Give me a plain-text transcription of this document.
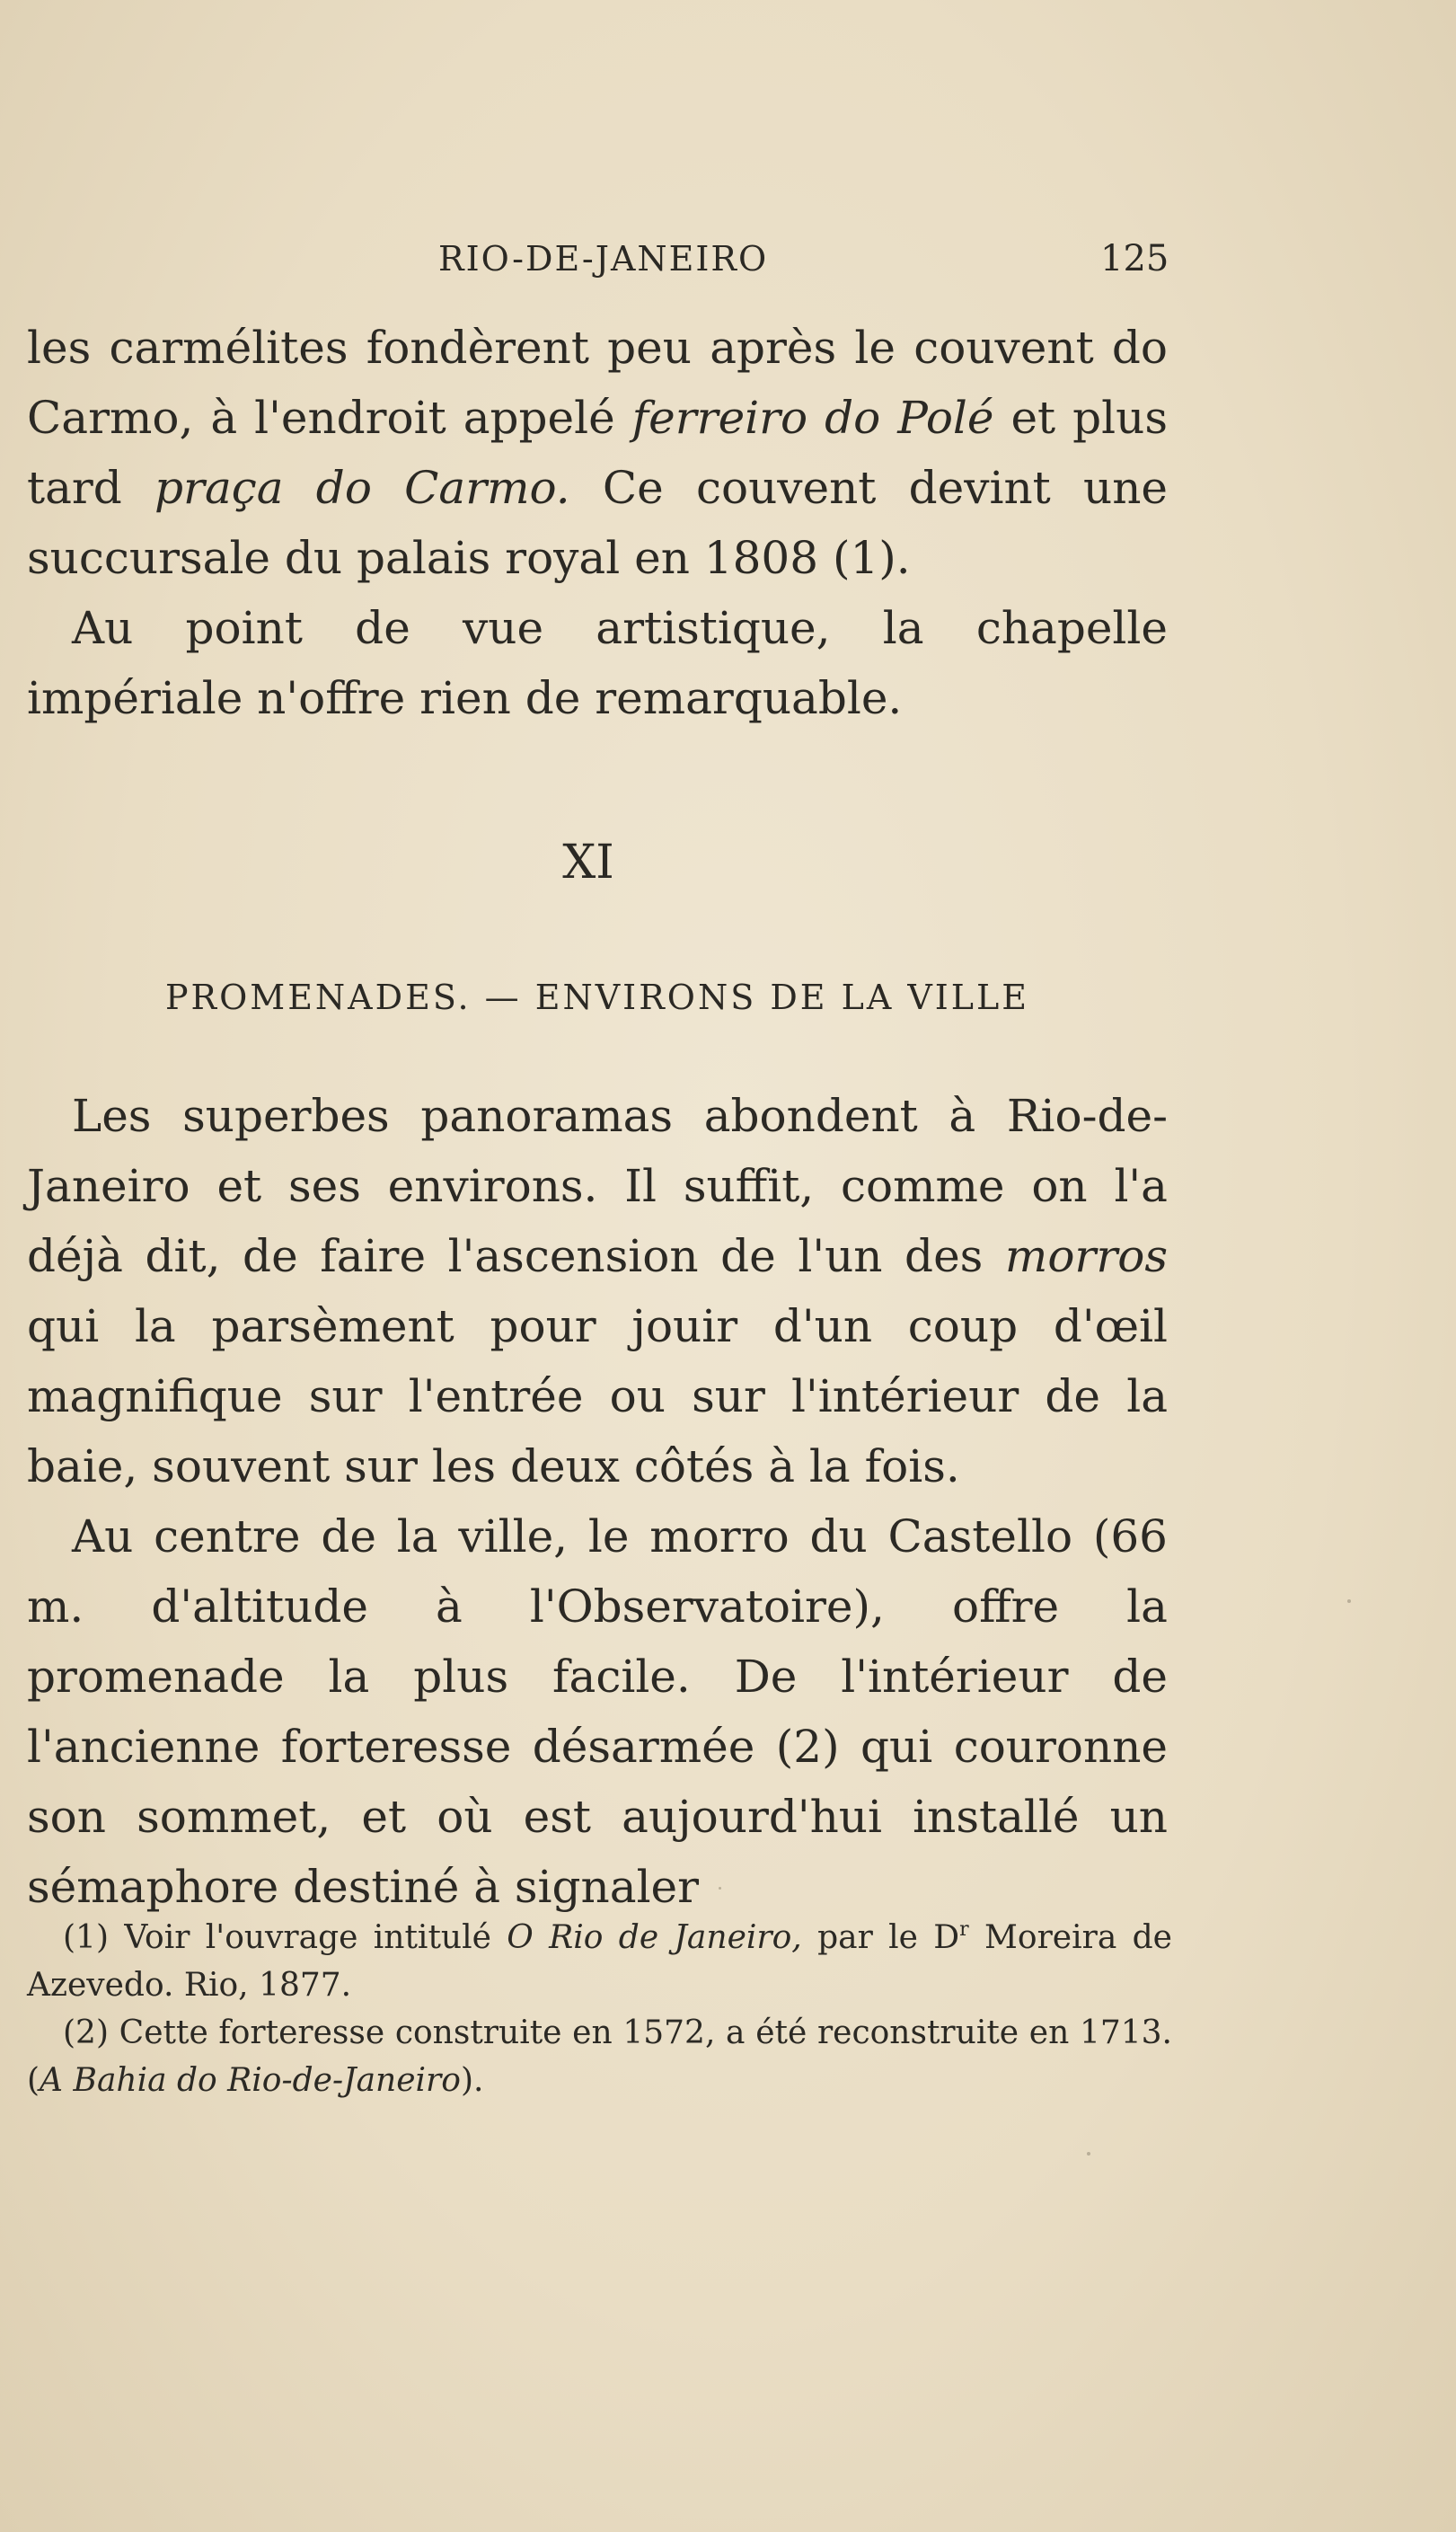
RIO-DE-JANEIRO	125

les carmélites fondèrent peu après le couvent do Carmo, à l'endroit appelé ferreiro do Polé et plus tard praça do Carmo. Ce couvent devint une succursale du palais royal en 1808 (1).

Au point de vue artistique, la chapelle impériale n'offre rien de remarquable.

XI
PROMENADES. — ENVIRONS DE LA VILLE

Les superbes panoramas abondent à Rio-de-Janeiro et ses environs. Il suffit, comme on l'a déjà dit, de faire l'ascension de l'un des morros qui la parsèment pour jouir d'un coup d'œil magnifique sur l'entrée ou sur l'intérieur de la baie, souvent sur les deux côtés à la fois.

Au centre de la ville, le morro du Castello (66 m. d'altitude à l'Observatoire), offre la promenade la plus facile. De l'intérieur de l'ancienne forteresse désarmée (2) qui couronne son sommet, et où est aujourd'hui installé un sémaphore destiné à signaler

(1) Voir l'ouvrage intitulé O Rio de Janeiro, par le $D^r$ Moreira de Azevedo. Rio, 1877.

(2) Cette forteresse construite en 1572, a été reconstruite en 1713. (A Bahia do Rio-de-Janeiro).
